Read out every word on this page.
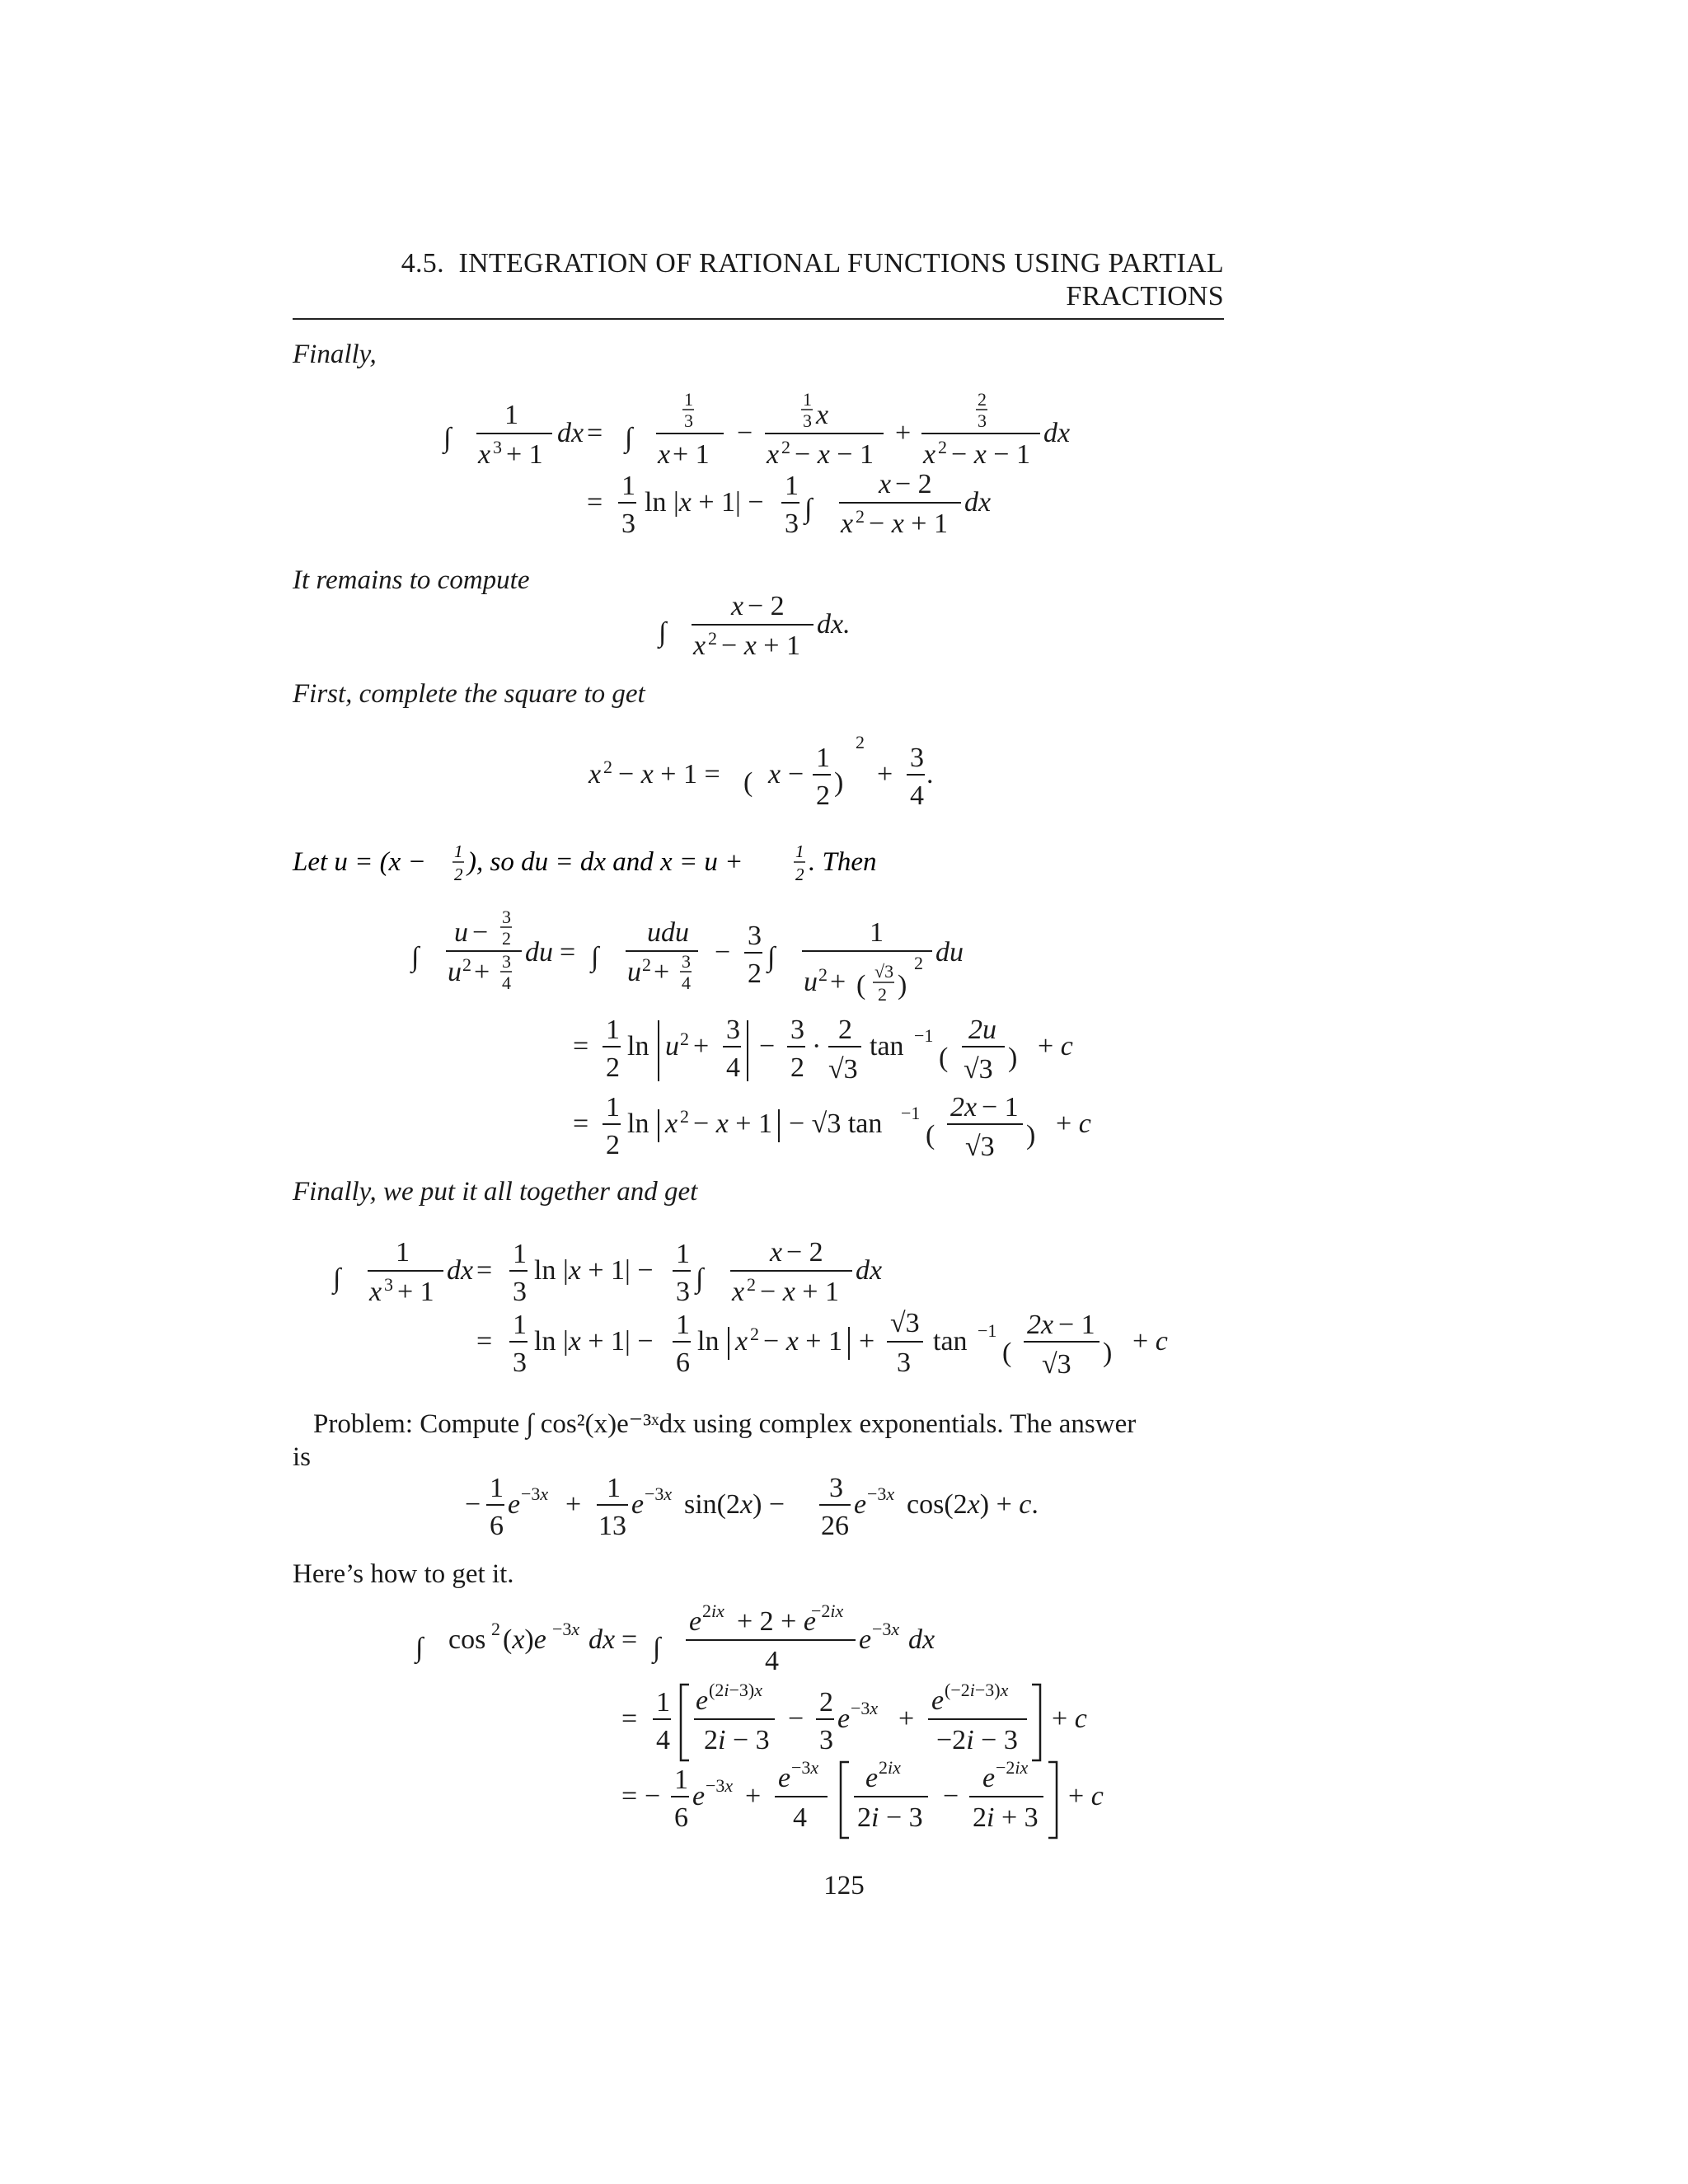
4.5. INTEGRATION OF RATIONAL FUNCTIONS USING PARTIAL
FRACTIONS
Finally,
∫
1
x 3 + 1
dx = ∫
1
3
x + 1
−
1
3 x
x 2 − x − 1
+
2
3
x 2 − x − 1
dx
=
1
3
ln |x + 1| −
1
3 ∫
x − 2
x 2 − x + 1
dx
It remains to compute
∫
x − 2
x 2 − x + 1
dx.
First, complete the square to get
x 2 − x + 1 = ( x −
1
2 )
2
+
3
4
.
Let u = (x − 1
2 ), so du = dx and x = u +	1
2 . Then
∫
u −
3
2
u 2 + 3
4
du = ∫
udu
u 2 + 3
4
−
3
2
∫
1
u 2 + ( √3
2 )
2 du
=
1
2
ln u 2 +
3
4
−
3
2
·
2
√3
tan −1
(
2u
√3 ) + c
=
1
2
ln x 2 − x + 1 − √3 tan −1
(
2x − 1
√3 ) + c
Finally, we put it all together and get
∫
1
x 3 + 1
dx =
1
3
ln |x + 1| −
1
3 ∫
x − 2
x 2 − x + 1
dx
=
1
3
ln |x + 1| −
1
6
ln x 2 − x + 1 +
√3
3
tan −1
(
2x − 1
√3 ) + c
Problem: Compute ∫ cos²(x)e⁻³ˣdx using complex exponentials. The answer
is
−
1
6
e −3x +
1
13
e −3x sin(2x) −
3
26
e −3x cos(2x) + c.
Here’s how to get it.
∫ cos 2 (x)e −3x dx = ∫
e 2ix + 2 + e
−2ix
4
e −3x dx
=
1
4
e (2i−3)x
2i − 3
−
2
3
e −3x +
e (−2i−3)x
−2i − 3
+ c
= −
1
6
e −3x +
e −3x
4
e 2ix
2i − 3
−
e −2ix
2i + 3
+ c
125
